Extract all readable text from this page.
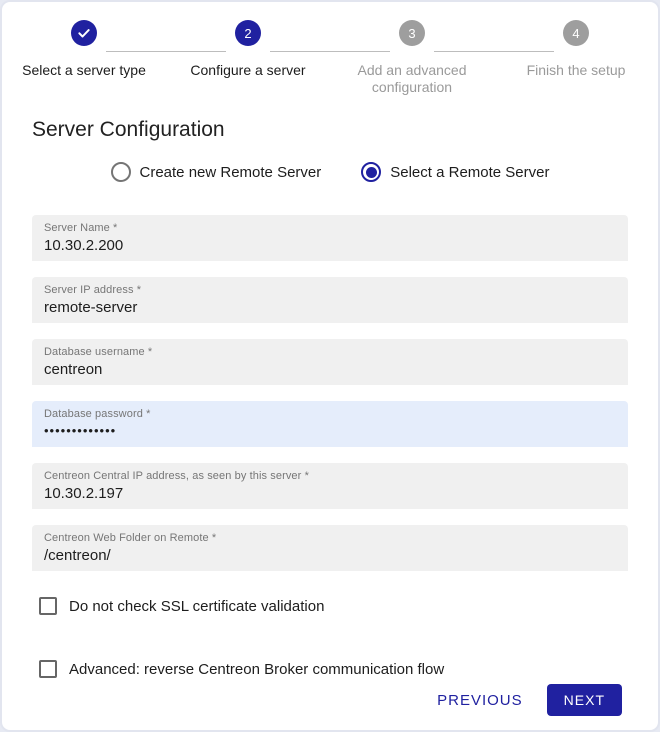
Select a server type
2
Configure a server
3
Add an advanced configuration
4
Finish the setup
Server Configuration
Create new Remote Server	Select a Remote Server
Server Name *
10.30.2.200
Server IP address *
remote-server
Database username *
centreon
Database password *
•••••••••••••
Centreon Central IP address, as seen by this server *
10.30.2.197
Centreon Web Folder on Remote *
/centreon/
Do not check SSL certificate validation
Advanced: reverse Centreon Broker communication flow
PREVIOUS	NEXT
